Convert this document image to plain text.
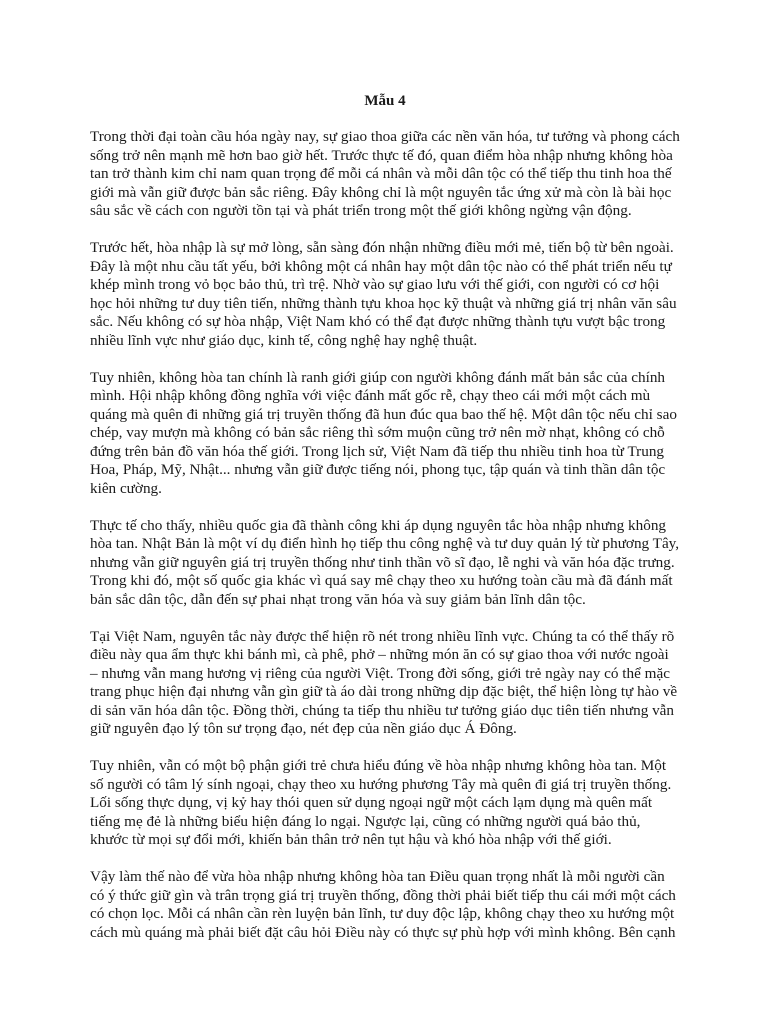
Mẫu 4

Trong thời đại toàn cầu hóa ngày nay, sự giao thoa giữa các nền văn hóa, tư tưởng và phong cách sống trở nên mạnh mẽ hơn bao giờ hết. Trước thực tế đó, quan điểm hòa nhập nhưng không hòa tan trở thành kim chỉ nam quan trọng để mỗi cá nhân và mỗi dân tộc có thể tiếp thu tinh hoa thế giới mà vẫn giữ được bản sắc riêng. Đây không chỉ là một nguyên tắc ứng xử mà còn là bài học sâu sắc về cách con người tồn tại và phát triển trong một thế giới không ngừng vận động.

Trước hết, hòa nhập là sự mở lòng, sẵn sàng đón nhận những điều mới mẻ, tiến bộ từ bên ngoài. Đây là một nhu cầu tất yếu, bởi không một cá nhân hay một dân tộc nào có thể phát triển nếu tự khép mình trong vỏ bọc bảo thủ, trì trệ. Nhờ vào sự giao lưu với thế giới, con người có cơ hội học hỏi những tư duy tiên tiến, những thành tựu khoa học kỹ thuật và những giá trị nhân văn sâu sắc. Nếu không có sự hòa nhập, Việt Nam khó có thể đạt được những thành tựu vượt bậc trong nhiều lĩnh vực như giáo dục, kinh tế, công nghệ hay nghệ thuật.

Tuy nhiên, không hòa tan chính là ranh giới giúp con người không đánh mất bản sắc của chính mình. Hội nhập không đồng nghĩa với việc đánh mất gốc rễ, chạy theo cái mới một cách mù quáng mà quên đi những giá trị truyền thống đã hun đúc qua bao thế hệ. Một dân tộc nếu chỉ sao chép, vay mượn mà không có bản sắc riêng thì sớm muộn cũng trở nên mờ nhạt, không có chỗ đứng trên bản đồ văn hóa thế giới. Trong lịch sử, Việt Nam đã tiếp thu nhiều tinh hoa từ Trung Hoa, Pháp, Mỹ, Nhật... nhưng vẫn giữ được tiếng nói, phong tục, tập quán và tinh thần dân tộc kiên cường.

Thực tế cho thấy, nhiều quốc gia đã thành công khi áp dụng nguyên tắc hòa nhập nhưng không hòa tan. Nhật Bản là một ví dụ điển hình họ tiếp thu công nghệ và tư duy quản lý từ phương Tây, nhưng vẫn giữ nguyên giá trị truyền thống như tinh thần võ sĩ đạo, lễ nghi và văn hóa đặc trưng. Trong khi đó, một số quốc gia khác vì quá say mê chạy theo xu hướng toàn cầu mà đã đánh mất bản sắc dân tộc, dẫn đến sự phai nhạt trong văn hóa và suy giảm bản lĩnh dân tộc.

Tại Việt Nam, nguyên tắc này được thể hiện rõ nét trong nhiều lĩnh vực. Chúng ta có thể thấy rõ điều này qua ẩm thực khi bánh mì, cà phê, phở – những món ăn có sự giao thoa với nước ngoài – nhưng vẫn mang hương vị riêng của người Việt. Trong đời sống, giới trẻ ngày nay có thể mặc trang phục hiện đại nhưng vẫn gìn giữ tà áo dài trong những dịp đặc biệt, thể hiện lòng tự hào về di sản văn hóa dân tộc. Đồng thời, chúng ta tiếp thu nhiều tư tưởng giáo dục tiên tiến nhưng vẫn giữ nguyên đạo lý tôn sư trọng đạo, nét đẹp của nền giáo dục Á Đông.

Tuy nhiên, vẫn có một bộ phận giới trẻ chưa hiểu đúng về hòa nhập nhưng không hòa tan. Một số người có tâm lý sính ngoại, chạy theo xu hướng phương Tây mà quên đi giá trị truyền thống. Lối sống thực dụng, vị kỷ hay thói quen sử dụng ngoại ngữ một cách lạm dụng mà quên mất tiếng mẹ đẻ là những biểu hiện đáng lo ngại. Ngược lại, cũng có những người quá bảo thủ, khước từ mọi sự đổi mới, khiến bản thân trở nên tụt hậu và khó hòa nhập với thế giới.

Vậy làm thế nào để vừa hòa nhập nhưng không hòa tan Điều quan trọng nhất là mỗi người cần có ý thức giữ gìn và trân trọng giá trị truyền thống, đồng thời phải biết tiếp thu cái mới một cách có chọn lọc. Mỗi cá nhân cần rèn luyện bản lĩnh, tư duy độc lập, không chạy theo xu hướng một cách mù quáng mà phải biết đặt câu hỏi Điều này có thực sự phù hợp với mình không. Bên cạnh
